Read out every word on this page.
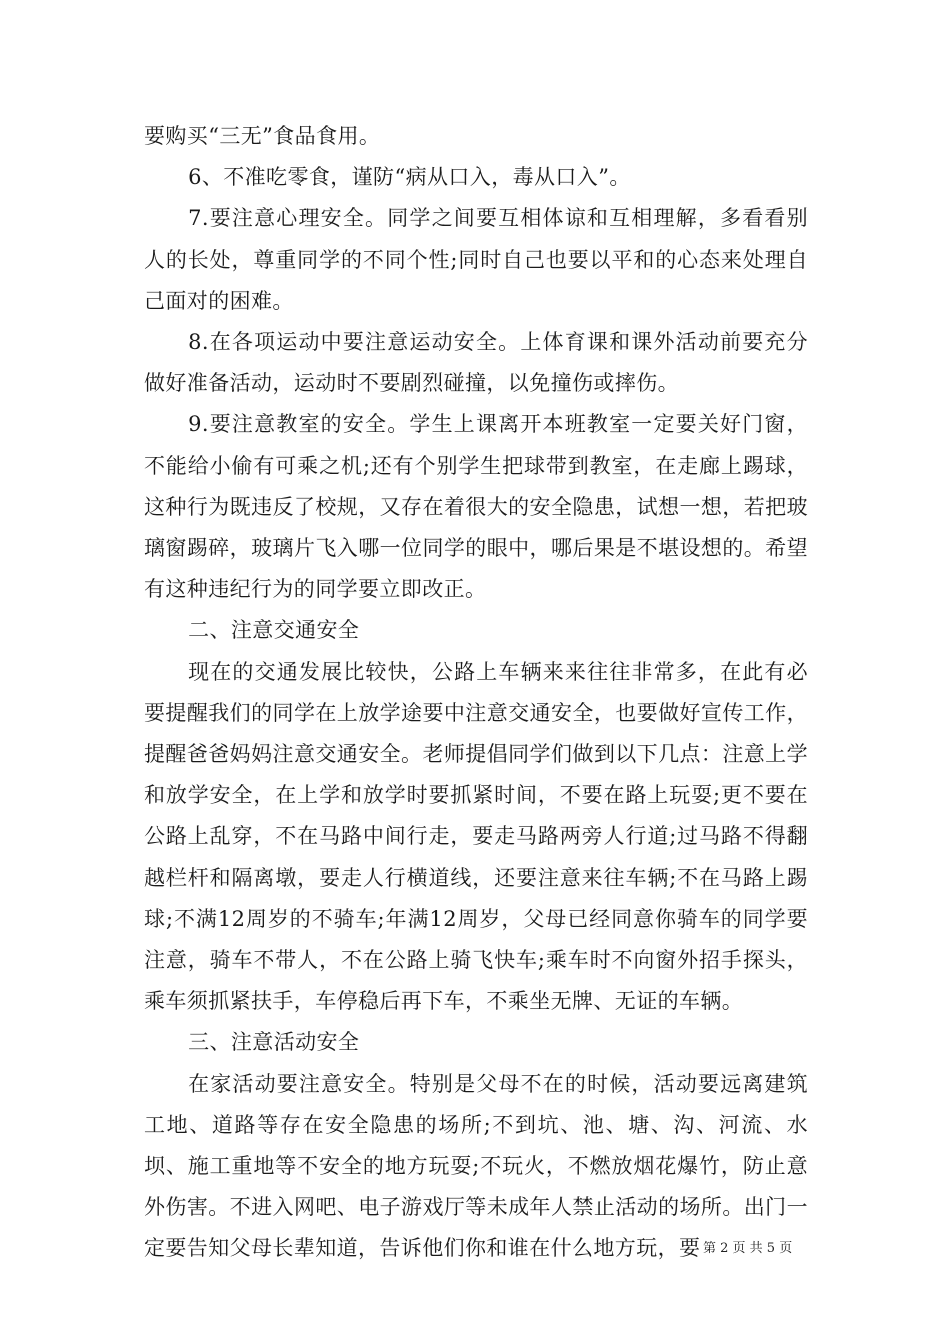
要购买“三无”食品食用。

6、不准吃零食，谨防“病从口入，毒从口入”。

7.要注意心理安全。同学之间要互相体谅和互相理解，多看看别人的长处，尊重同学的不同个性;同时自己也要以平和的心态来处理自己面对的困难。

8.在各项运动中要注意运动安全。上体育课和课外活动前要充分做好准备活动，运动时不要剧烈碰撞，以免撞伤或摔伤。

9.要注意教室的安全。学生上课离开本班教室一定要关好门窗，不能给小偷有可乘之机;还有个别学生把球带到教室，在走廊上踢球，这种行为既违反了校规，又存在着很大的安全隐患，试想一想，若把玻璃窗踢碎，玻璃片飞入哪一位同学的眼中，哪后果是不堪设想的。希望有这种违纪行为的同学要立即改正。

二、注意交通安全

现在的交通发展比较快，公路上车辆来来往往非常多，在此有必要提醒我们的同学在上放学途要中注意交通安全，也要做好宣传工作，提醒爸爸妈妈注意交通安全。老师提倡同学们做到以下几点：注意上学和放学安全，在上学和放学时要抓紧时间，不要在路上玩耍;更不要在公路上乱穿，不在马路中间行走，要走马路两旁人行道;过马路不得翻越栏杆和隔离墩，要走人行横道线，还要注意来往车辆;不在马路上踢球;不满12周岁的不骑车;年满12周岁，父母已经同意你骑车的同学要注意，骑车不带人，不在公路上骑飞快车;乘车时不向窗外招手探头，乘车须抓紧扶手，车停稳后再下车，不乘坐无牌、无证的车辆。

三、注意活动安全

在家活动要注意安全。特别是父母不在的时候，活动要远离建筑工地、道路等存在安全隐患的场所;不到坑、池、塘、沟、河流、水坝、施工重地等不安全的地方玩耍;不玩火，不燃放烟花爆竹，防止意外伤害。不进入网吧、电子游戏厅等未成年人禁止活动的场所。出门一定要告知父母长辈知道，告诉他们你和谁在什么地方玩，要 第 2 页 共 5 页
